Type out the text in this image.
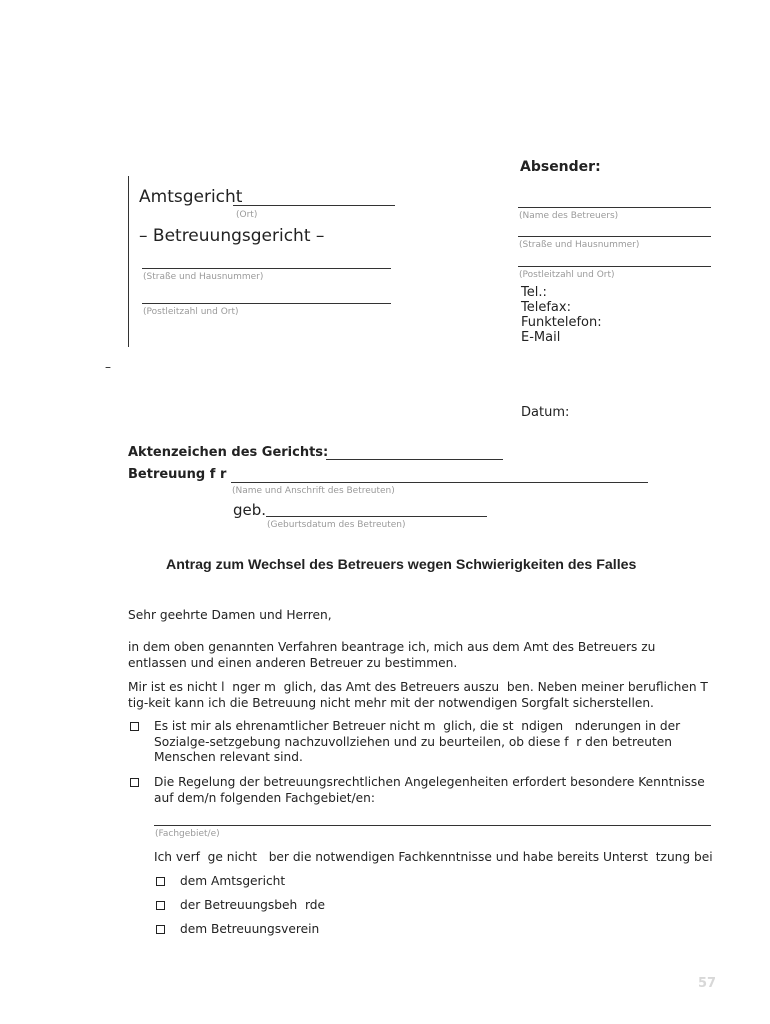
Amtsgericht
(Ort)
– Betreuungsgericht –
(Straße und Hausnummer)
(Postleitzahl und Ort)
Absender:
(Name des Betreuers)
(Straße und Hausnummer)
(Postleitzahl und Ort)
Tel.:
Telefax:
Funktelefon:
E-Mail
–
Datum:
Aktenzeichen des Gerichts:
Betreuung f r
(Name und Anschrift des Betreuten)
geb.
(Geburtsdatum des Betreuten)
Antrag zum Wechsel des Betreuers wegen Schwierigkeiten des Falles
Sehr geehrte Damen und Herren,
in dem oben genannten Verfahren beantrage ich, mich aus dem Amt des Betreuers zu entlassen und einen anderen Betreuer zu bestimmen.
Mir ist es nicht l  nger m  glich, das Amt des Betreuers auszu  ben. Neben meiner beruflichen T  tig-keit kann ich die Betreuung nicht mehr mit der notwendigen Sorgfalt sicherstellen.
Es ist mir als ehrenamtlicher Betreuer nicht m  glich, die st  ndigen   nderungen in der Sozialge-setzgebung nachzuvollziehen und zu beurteilen, ob diese f  r den betreuten Menschen relevant sind.
Die Regelung der betreuungsrechtlichen Angelegenheiten erfordert besondere Kenntnisse auf dem/n folgenden Fachgebiet/en:
(Fachgebiet/e)
Ich verf  ge nicht   ber die notwendigen Fachkenntnisse und habe bereits Unterst  tzung bei
dem Amtsgericht
der Betreuungsbeh  rde
dem Betreuungsverein
57
